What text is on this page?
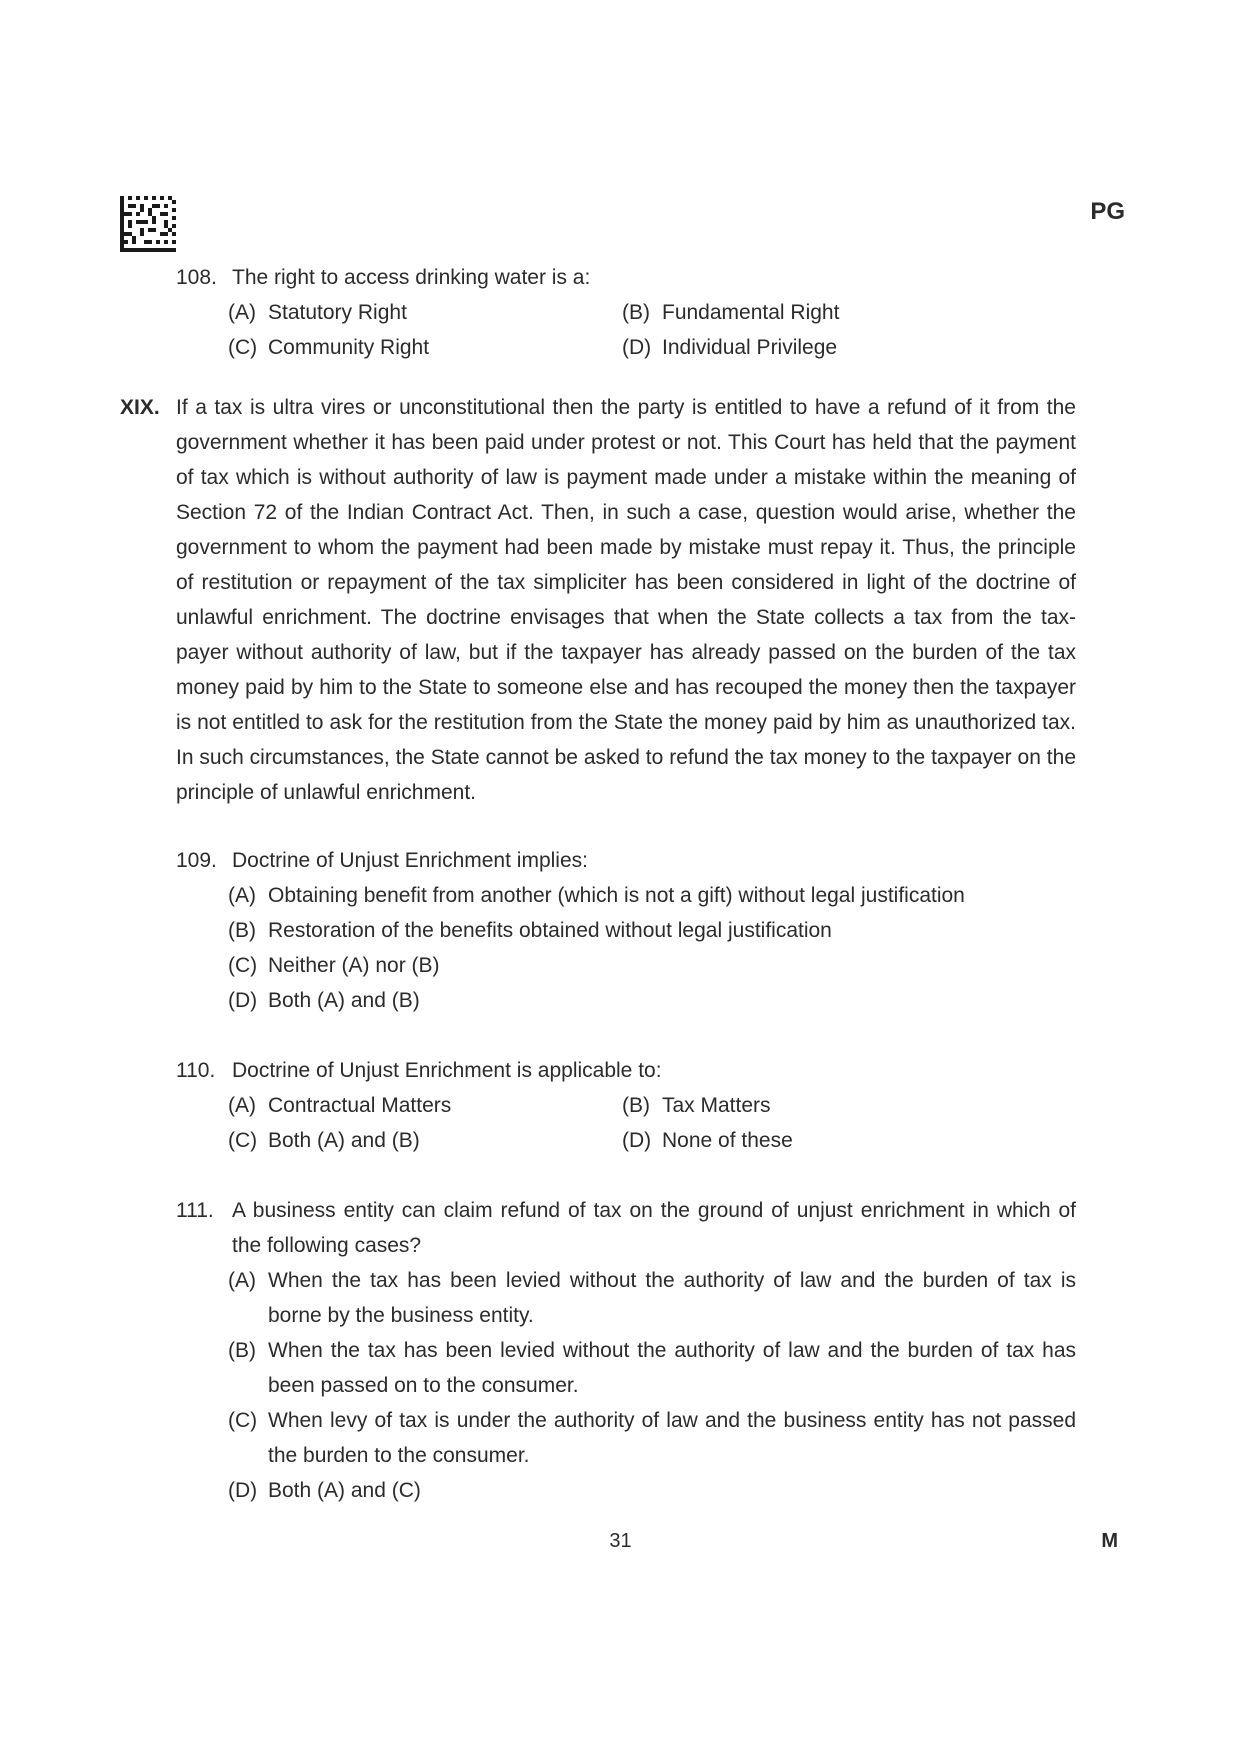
PG
108. The right to access drinking water is a:
(A) Statutory Right	(B) Fundamental Right
(C) Community Right	(D) Individual Privilege
XIX. If a tax is ultra vires or unconstitutional then the party is entitled to have a refund of it from the government whether it has been paid under protest or not. This Court has held that the payment of tax which is without authority of law is payment made under a mistake within the meaning of Section 72 of the Indian Contract Act. Then, in such a case, question would arise, whether the government to whom the payment had been made by mistake must repay it. Thus, the principle of restitution or repayment of the tax simpliciter has been considered in light of the doctrine of unlawful enrichment. The doctrine envisages that when the State collects a tax from the tax-payer without authority of law, but if the taxpayer has already passed on the burden of the tax money paid by him to the State to someone else and has recouped the money then the taxpayer is not entitled to ask for the restitution from the State the money paid by him as unauthorized tax. In such circumstances, the State cannot be asked to refund the tax money to the taxpayer on the principle of unlawful enrichment.
109. Doctrine of Unjust Enrichment implies:
(A) Obtaining benefit from another (which is not a gift) without legal justification
(B) Restoration of the benefits obtained without legal justification
(C) Neither (A) nor (B)
(D) Both (A) and (B)
110. Doctrine of Unjust Enrichment is applicable to:
(A) Contractual Matters	(B) Tax Matters
(C) Both (A) and (B)	(D) None of these
111. A business entity can claim refund of tax on the ground of unjust enrichment in which of the following cases?
(A) When the tax has been levied without the authority of law and the burden of tax is borne by the business entity.
(B) When the tax has been levied without the authority of law and the burden of tax has been passed on to the consumer.
(C) When levy of tax is under the authority of law and the business entity has not passed the burden to the consumer.
(D) Both (A) and (C)
31	M
